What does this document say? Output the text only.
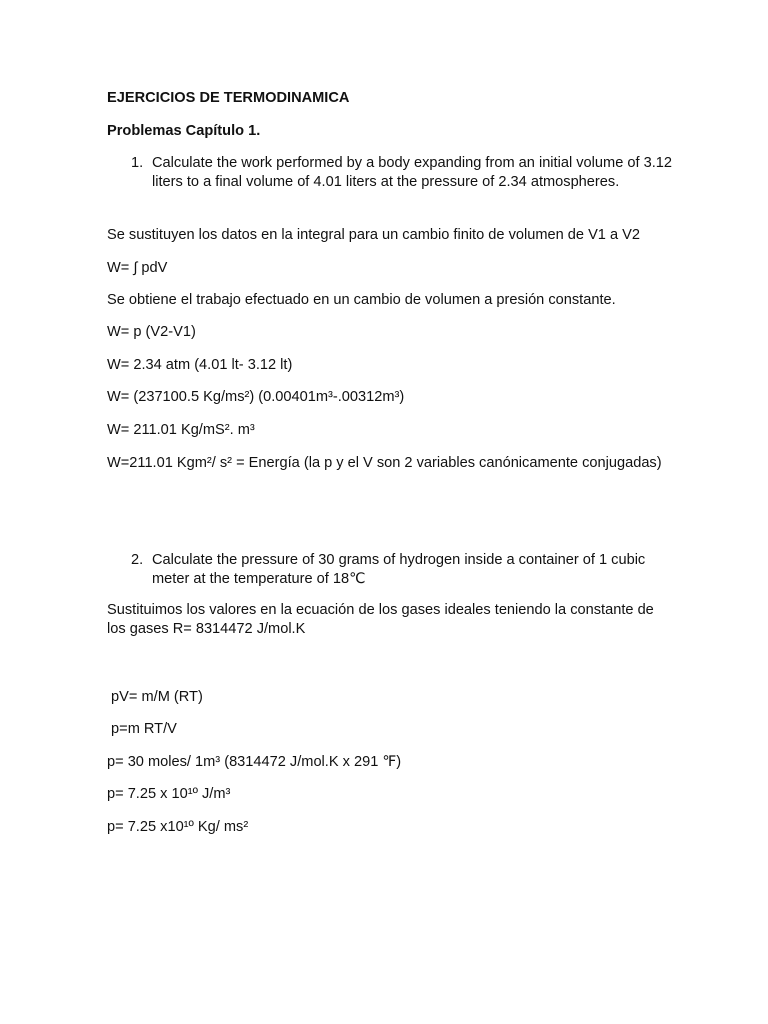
EJERCICIOS DE TERMODINAMICA
Problemas Capítulo 1.
1. Calculate the work performed by a body expanding from an initial volume of 3.12 liters to a final volume of 4.01 liters at the pressure of 2.34 atmospheres.
Se sustituyen los datos en la integral para un cambio finito de volumen de V1 a V2
W= ∫ pdV
Se obtiene el trabajo efectuado en un cambio de volumen a presión constante.
W= p (V2-V1)
W= 2.34 atm (4.01 lt- 3.12 lt)
W= (237100.5 Kg/ms²) (0.00401m³-.00312m³)
W= 211.01 Kg/mS². m³
W=211.01 Kgm²/ s² = Energía (la p y el V son 2 variables canónicamente conjugadas)
2. Calculate the pressure of 30 grams of hydrogen inside a container of 1 cubic meter at the temperature of 18℃
Sustituimos los valores en la ecuación de los gases ideales teniendo la constante de los gases R= 8314472 J/mol.K
pV= m/M (RT)
p=m RT/V
p= 30 moles/ 1m³ (8314472 J/mol.K x 291 ℉)
p= 7.25 x 10¹º J/m³
p= 7.25 x10¹º Kg/ ms²
